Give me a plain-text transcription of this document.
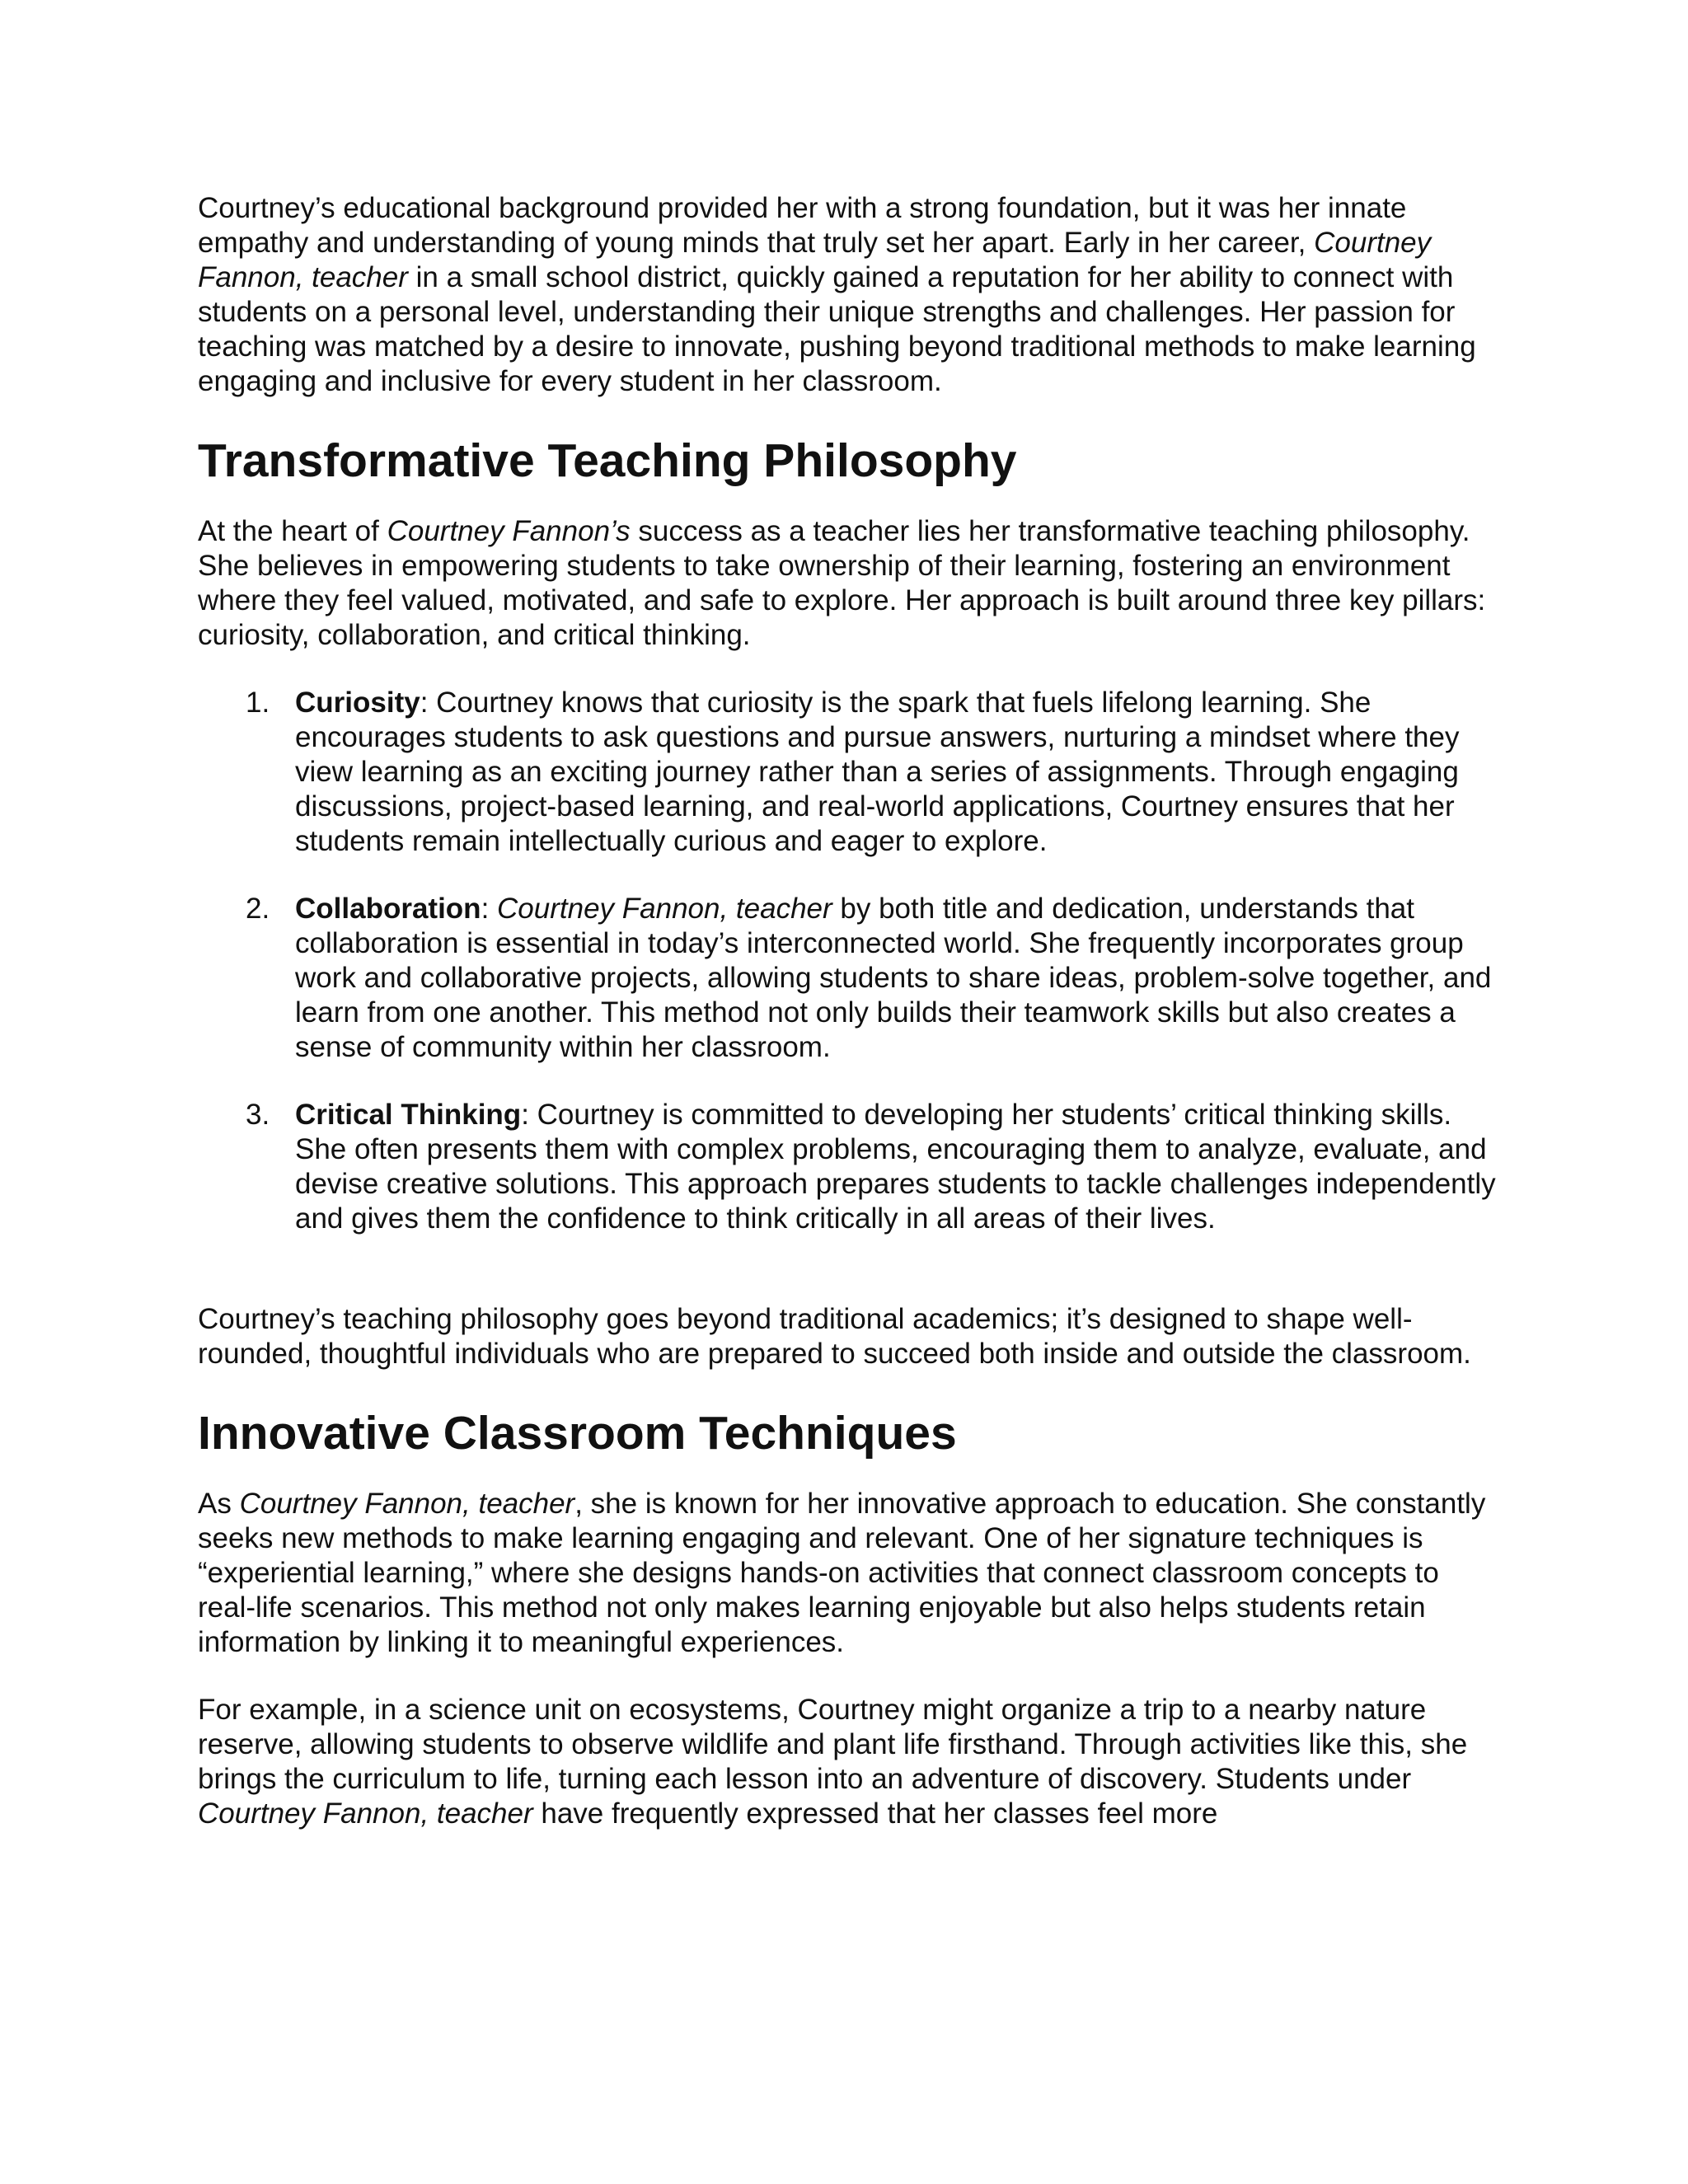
Courtney’s educational background provided her with a strong foundation, but it was her innate empathy and understanding of young minds that truly set her apart. Early in her career, Courtney Fannon, teacher in a small school district, quickly gained a reputation for her ability to connect with students on a personal level, understanding their unique strengths and challenges. Her passion for teaching was matched by a desire to innovate, pushing beyond traditional methods to make learning engaging and inclusive for every student in her classroom.

Transformative Teaching Philosophy

At the heart of Courtney Fannon’s success as a teacher lies her transformative teaching philosophy. She believes in empowering students to take ownership of their learning, fostering an environment where they feel valued, motivated, and safe to explore. Her approach is built around three key pillars: curiosity, collaboration, and critical thinking.

1. Curiosity: Courtney knows that curiosity is the spark that fuels lifelong learning. She encourages students to ask questions and pursue answers, nurturing a mindset where they view learning as an exciting journey rather than a series of assignments. Through engaging discussions, project-based learning, and real-world applications, Courtney ensures that her students remain intellectually curious and eager to explore.
2. Collaboration: Courtney Fannon, teacher by both title and dedication, understands that collaboration is essential in today’s interconnected world. She frequently incorporates group work and collaborative projects, allowing students to share ideas, problem-solve together, and learn from one another. This method not only builds their teamwork skills but also creates a sense of community within her classroom.
3. Critical Thinking: Courtney is committed to developing her students’ critical thinking skills. She often presents them with complex problems, encouraging them to analyze, evaluate, and devise creative solutions. This approach prepares students to tackle challenges independently and gives them the confidence to think critically in all areas of their lives.

Courtney’s teaching philosophy goes beyond traditional academics; it’s designed to shape well-rounded, thoughtful individuals who are prepared to succeed both inside and outside the classroom.

Innovative Classroom Techniques

As Courtney Fannon, teacher, she is known for her innovative approach to education. She constantly seeks new methods to make learning engaging and relevant. One of her signature techniques is “experiential learning,” where she designs hands-on activities that connect classroom concepts to real-life scenarios. This method not only makes learning enjoyable but also helps students retain information by linking it to meaningful experiences.

For example, in a science unit on ecosystems, Courtney might organize a trip to a nearby nature reserve, allowing students to observe wildlife and plant life firsthand. Through activities like this, she brings the curriculum to life, turning each lesson into an adventure of discovery. Students under Courtney Fannon, teacher have frequently expressed that her classes feel more
